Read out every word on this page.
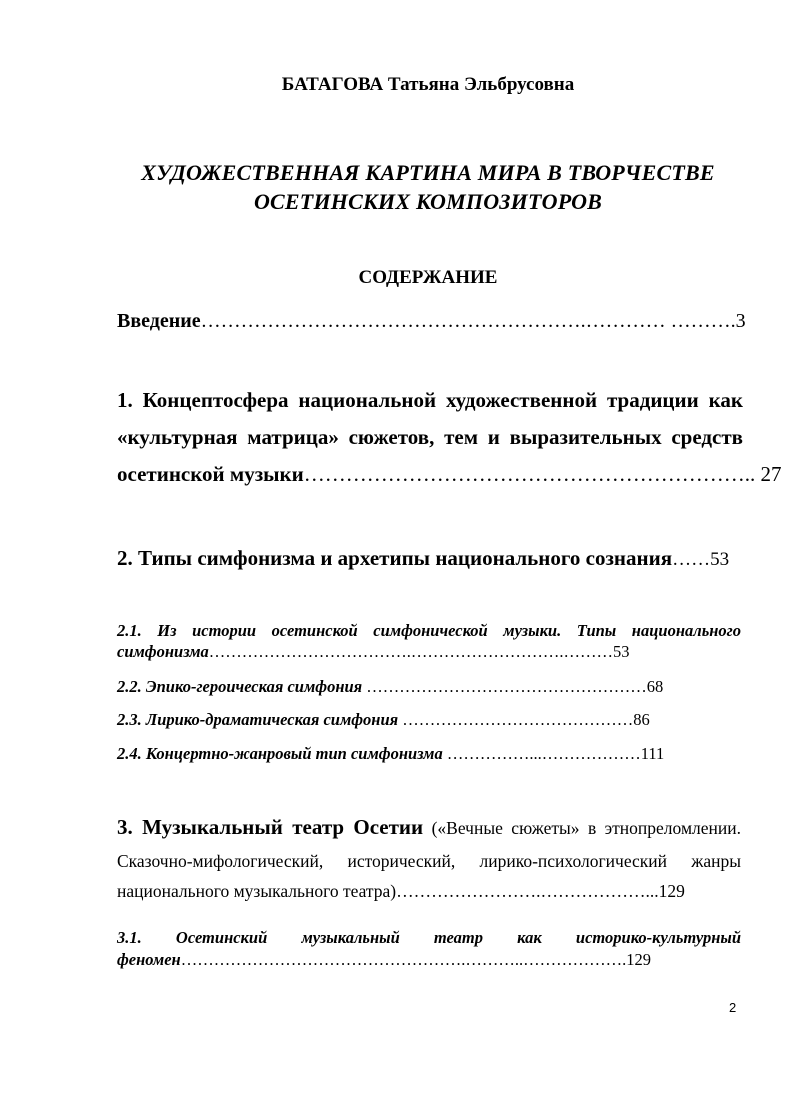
БАТАГОВА Татьяна Эльбрусовна
ХУДОЖЕСТВЕННАЯ КАРТИНА МИРА В ТВОРЧЕСТВЕ
ОСЕТИНСКИХ КОМПОЗИТОРОВ
СОДЕРЖАНИЕ
Введение………………………………………………….………… ……….3
1. Концептосфера национальной художественной традиции как
«культурная матрица» сюжетов, тем и выразительных средств
осетинской музыки……………………………………………………….. 27
2. Типы симфонизма и архетипы национального сознания……53
2.1. Из истории осетинской симфонической музыки. Типы национального
симфонизма……………………………….……………………….………53
2.2. Эпико-героическая симфония ……………………………………………68
2.3. Лирико-драматическая симфония ……………………………………86
2.4. Концертно-жанровый тип симфонизма ……………...………………111
3. Музыкальный театр Осетии («Вечные сюжеты» в этнопреломлении.
Сказочно-мифологический, исторический, лирико-психологический жанры
национального музыкального театра)…………………….………………...129
3.1. Осетинский музыкальный театр как историко-культурный
феномен…………………………………………….………..……………….129
2
